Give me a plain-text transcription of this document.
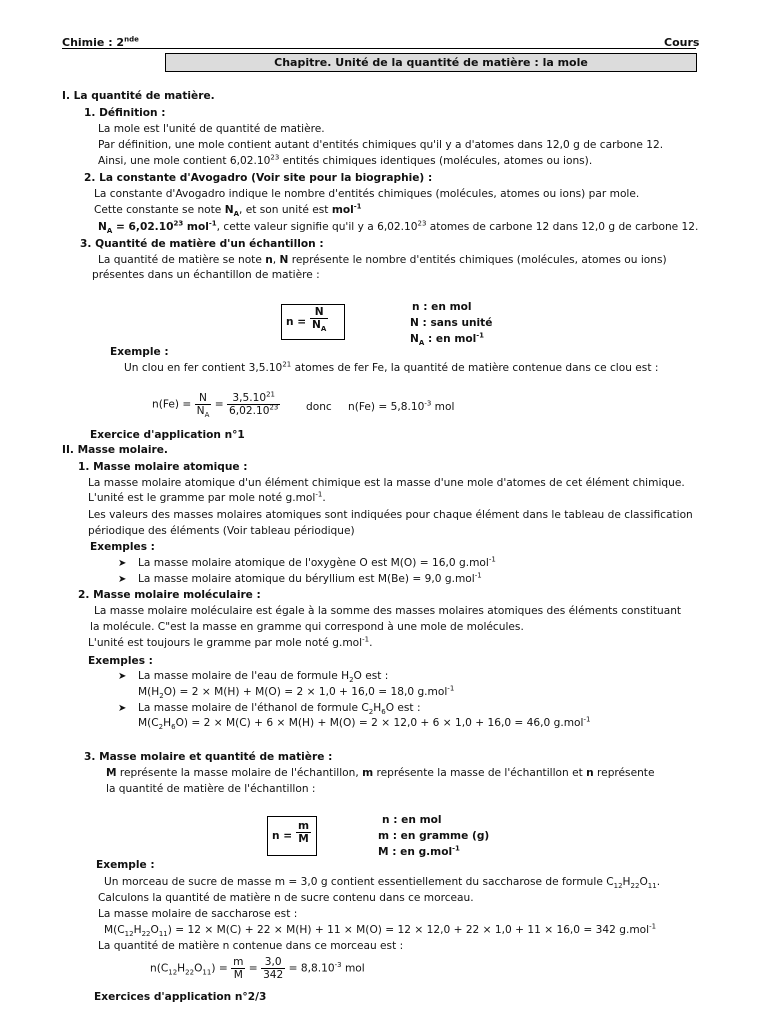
Chimie : 2nde	Cours
Chapitre. Unité de la quantité de matière : la mole
I. La quantité de matière.
1. Définition :
La mole est l'unité de quantité de matière.
Par définition, une mole contient autant d'entités chimiques qu'il y a d'atomes dans 12,0 g de carbone 12.
Ainsi, une mole contient 6,02.10$^{23}$ entités chimiques identiques (molécules, atomes ou ions).
2. La constante d'Avogadro (Voir site pour la biographie) :
La constante d'Avogadro indique le nombre d'entités chimiques (molécules, atomes ou ions) par mole.
Cette constante se note $N_A$, et son unité est mol$^{-1}$
$N_A = 6,02.10^{23}$ mol$^{-1}$, cette valeur signifie qu'il y a 6,02.10$^{23}$ atomes de carbone 12 dans 12,0 g de carbone 12.
3. Quantité de matière d'un échantillon :
La quantité de matière se note n, N représente le nombre d'entités chimiques (molécules, atomes ou ions)
présentes dans un échantillon de matière :
$n = \frac{N}{N_A}$	n : en mol
N : sans unité
$N_A$ : en mol$^{-1}$
Exemple :
Un clou en fer contient 3,5.10$^{21}$ atomes de fer Fe, la quantité de matière contenue dans ce clou est :
$n(Fe) = \frac{N}{N_A} = \frac{3,5.10^{21}}{6,02.10^{23}}$ donc $n(Fe) = 5,8.10^{-3}$ mol
Exercice d'application n°1
II. Masse molaire.
1. Masse molaire atomique :
La masse molaire atomique d'un élément chimique est la masse d'une mole d'atomes de cet élément chimique.
L'unité est le gramme par mole noté g.mol$^{-1}$.
Les valeurs des masses molaires atomiques sont indiquées pour chaque élément dans le tableau de classification
périodique des éléments (Voir tableau périodique)
Exemples :
➤ La masse molaire atomique de l'oxygène O est M(O) = 16,0 g.mol$^{-1}$
➤ La masse molaire atomique du béryllium est M(Be) = 9,0 g.mol$^{-1}$
2. Masse molaire moléculaire :
La masse molaire moléculaire est égale à la somme des masses molaires atomiques des éléments constituant
la molécule. C"est la masse en gramme qui correspond à une mole de molécules.
L'unité est toujours le gramme par mole noté g.mol$^{-1}$.
Exemples :
➤ La masse molaire de l'eau de formule $H_2O$ est :
$M(H_2O) = 2 \times M(H) + M(O) = 2 \times 1,0 + 16,0 = 18,0$ g.mol$^{-1}$
➤ La masse molaire de l'éthanol de formule $C_2H_6O$ est :
$M(C_2H_6O) = 2 \times M(C) + 6 \times M(H) + M(O) = 2 \times 12,0 + 6 \times 1,0 + 16,0 = 46,0$ g.mol$^{-1}$
3. Masse molaire et quantité de matière :
M représente la masse molaire de l'échantillon, m représente la masse de l'échantillon et n représente
la quantité de matière de l'échantillon :
$n = \frac{m}{M}$	n : en mol
m : en gramme (g)
M : en g.mol$^{-1}$
Exemple :
Un morceau de sucre de masse m = 3,0 g contient essentiellement du saccharose de formule $C_{12}H_{22}O_{11}$.
Calculons la quantité de matière n de sucre contenu dans ce morceau.
La masse molaire de saccharose est :
$M(C_{12}H_{22}O_{11}) = 12 \times M(C) + 22 \times M(H) + 11 \times M(O) = 12 \times 12,0 + 22 \times 1,0 + 11 \times 16,0 = 342$ g.mol$^{-1}$
La quantité de matière n contenue dans ce morceau est :
$n(C_{12}H_{22}O_{11}) = \frac{m}{M} = \frac{3,0}{342} = 8,8.10^{-3}$ mol
Exercices d'application n°2/3
